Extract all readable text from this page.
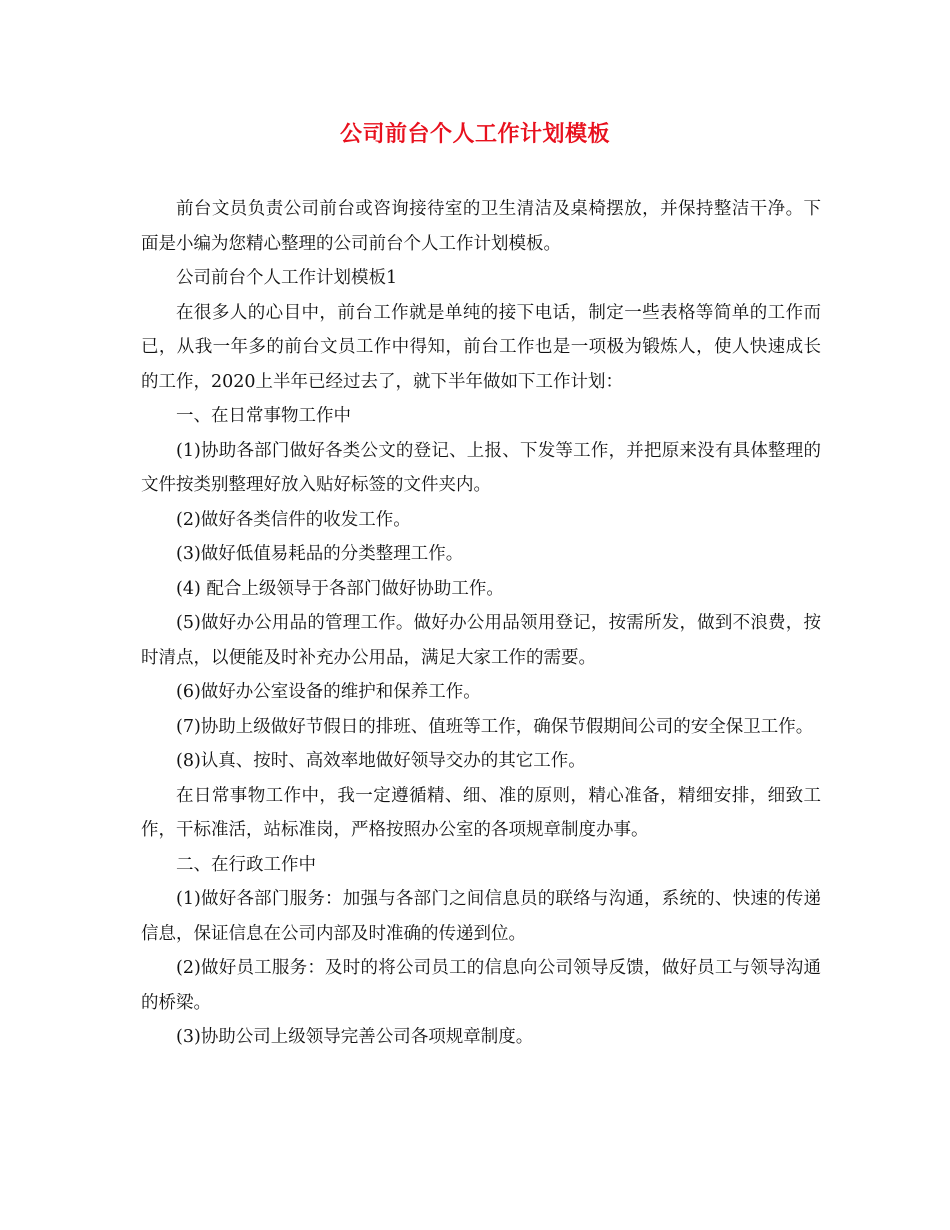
公司前台个人工作计划模板

前台文员负责公司前台或咨询接待室的卫生清洁及桌椅摆放，并保持整洁干净。下面是小编为您精心整理的公司前台个人工作计划模板。

公司前台个人工作计划模板1

在很多人的心目中，前台工作就是单纯的接下电话，制定一些表格等简单的工作而已，从我一年多的前台文员工作中得知，前台工作也是一项极为锻炼人，使人快速成长的工作，2020上半年已经过去了，就下半年做如下工作计划：

一、在日常事物工作中

(1)协助各部门做好各类公文的登记、上报、下发等工作，并把原来没有具体整理的文件按类别整理好放入贴好标签的文件夹内。

(2)做好各类信件的收发工作。

(3)做好低值易耗品的分类整理工作。

(4) 配合上级领导于各部门做好协助工作。

(5)做好办公用品的管理工作。做好办公用品领用登记，按需所发，做到不浪费，按时清点，以便能及时补充办公用品，满足大家工作的需要。

(6)做好办公室设备的维护和保养工作。

(7)协助上级做好节假日的排班、值班等工作，确保节假期间公司的安全保卫工作。

(8)认真、按时、高效率地做好领导交办的其它工作。

在日常事物工作中，我一定遵循精、细、准的原则，精心准备，精细安排，细致工作，干标准活，站标准岗，严格按照办公室的各项规章制度办事。

二、在行政工作中

(1)做好各部门服务：加强与各部门之间信息员的联络与沟通，系统的、快速的传递信息，保证信息在公司内部及时准确的传递到位。

(2)做好员工服务：及时的将公司员工的信息向公司领导反馈，做好员工与领导沟通的桥梁。

(3)协助公司上级领导完善公司各项规章制度。
